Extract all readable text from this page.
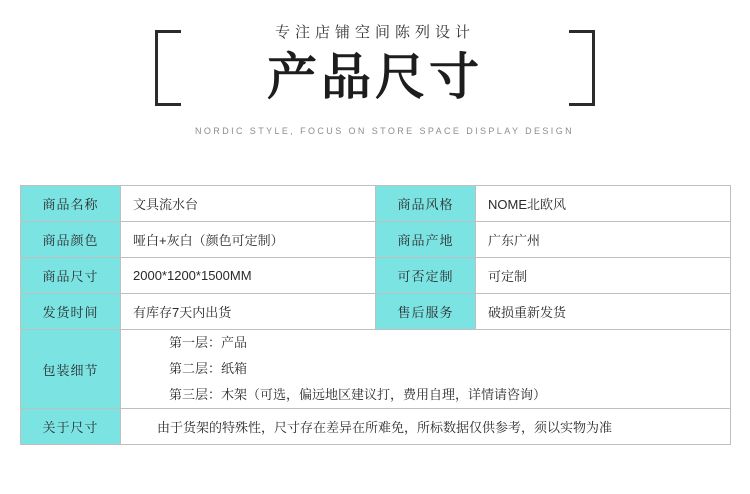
专注店铺空间陈列设计

产品尺寸

NORDIC STYLE, FOCUS ON STORE SPACE DISPLAY DESIGN

商品名称	文具流水台	商品风格	NOME北欧风
商品颜色	哑白+灰白（颜色可定制）	商品产地	广东广州
商品尺寸	2000*1200*1500MM	可否定制	可定制
发货时间	有库存7天内出货	售后服务	破损重新发货
包装细节	第一层：产品
第二层：纸箱
第三层：木架（可选，偏远地区建议打，费用自理，详情请咨询）		

关于尺寸	由于货架的特殊性，尺寸存在差异在所难免，所标数据仅供参考，须以实物为准		
